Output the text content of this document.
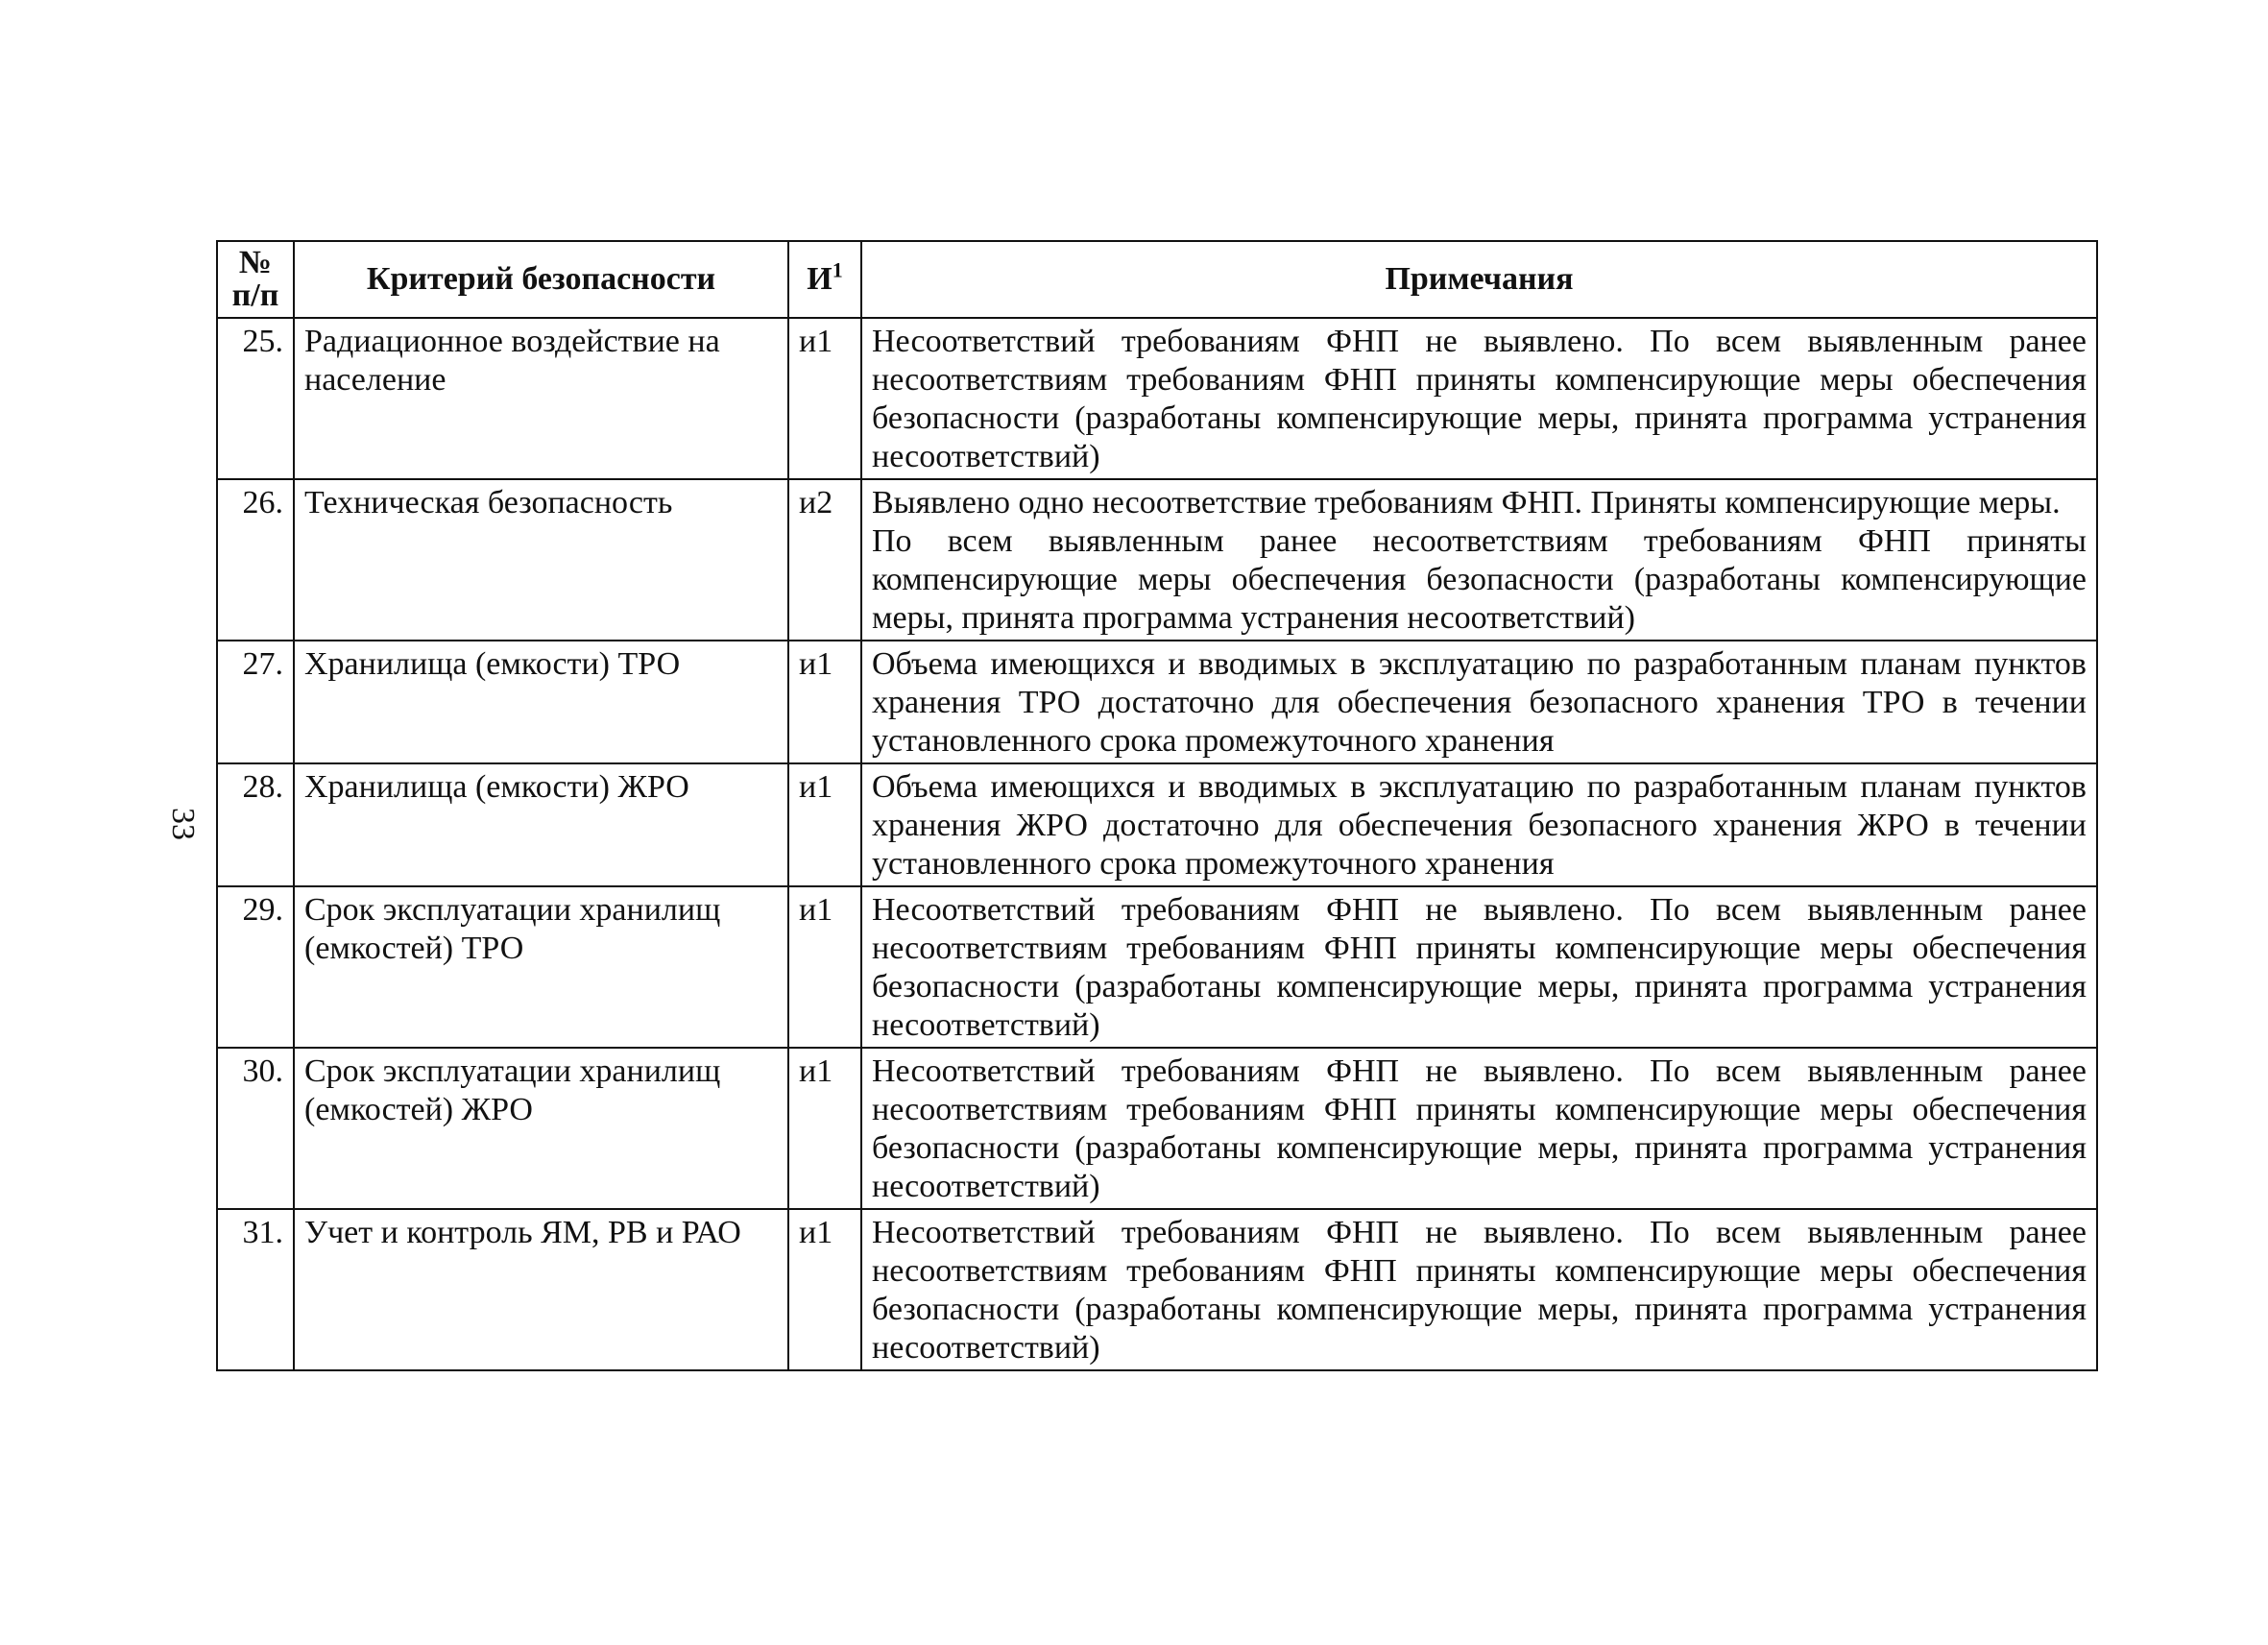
33
№
п/п	Критерий безопасности	$И^1$	Примечания
25.	Радиационное воздействие на население	и1	Несоответствий требованиям ФНП не выявлено. По всем выявленным ранее несоответствиям требованиям ФНП приняты компенсирующие меры обеспечения безопасности (разработаны компенсирующие меры, принята программа устранения несоответствий)

26.	Техническая безопасность	и2	Выявлено одно несоответствие требованиям ФНП. Приняты компенсирующие меры.

По всем выявленным ранее несоответствиям требованиям ФНП приняты компенсирующие меры обеспечения безопасности (разработаны компенсирующие меры, принята программа устранения несоответствий)

27.	Хранилища (емкости) ТРО	и1	Объема имеющихся и вводимых в эксплуатацию по разработанным планам пунктов хранения ТРО достаточно для обеспечения безопасного хранения ТРО в течении установленного срока промежуточного хранения

28.	Хранилища (емкости) ЖРО	и1	Объема имеющихся и вводимых в эксплуатацию по разработанным планам пунктов хранения ЖРО достаточно для обеспечения безопасного хранения ЖРО в течении установленного срока промежуточного хранения

29.	Срок эксплуатации хранилищ (емкостей) ТРО	и1	Несоответствий требованиям ФНП не выявлено. По всем выявленным ранее несоответствиям требованиям ФНП приняты компенсирующие меры обеспечения безопасности (разработаны компенсирующие меры, принята программа устранения несоответствий)

30.	Срок эксплуатации хранилищ (емкостей) ЖРО	и1	Несоответствий требованиям ФНП не выявлено. По всем выявленным ранее несоответствиям требованиям ФНП приняты компенсирующие меры обеспечения безопасности (разработаны компенсирующие меры, принята программа устранения несоответствий)

31.	Учет и контроль ЯМ, РВ и РАО	и1	Несоответствий требованиям ФНП не выявлено. По всем выявленным ранее несоответствиям требованиям ФНП приняты компенсирующие меры обеспечения безопасности (разработаны компенсирующие меры, принята программа устранения несоответствий)
